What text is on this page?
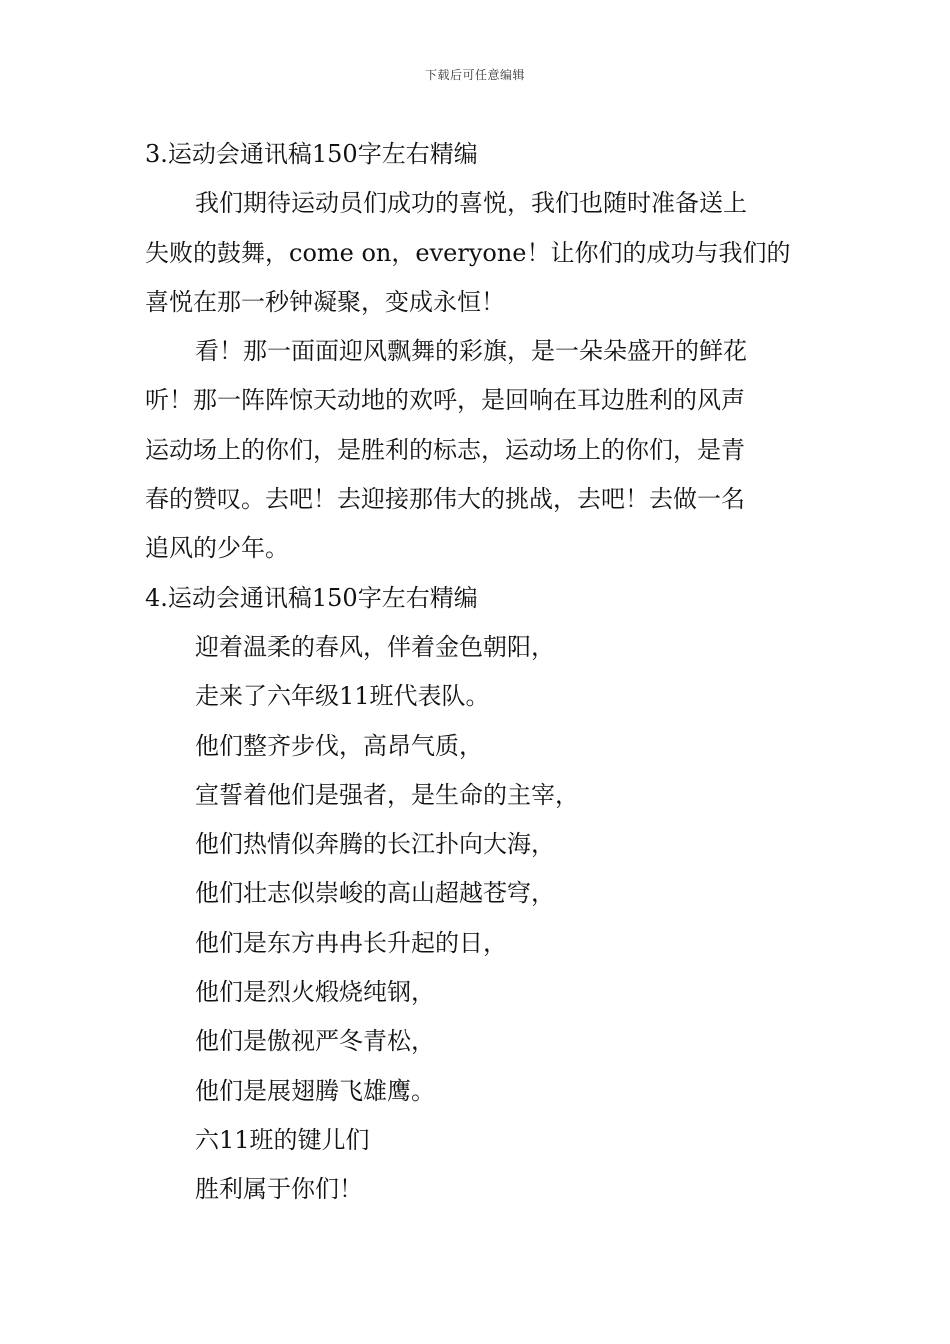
下载后可任意编辑
3.运动会通讯稿150字左右精编
我们期待运动员们成功的喜悦，我们也随时准备送上
失败的鼓舞，come on，everyone！让你们的成功与我们的
喜悦在那一秒钟凝聚，变成永恒！
看！那一面面迎风飘舞的彩旗，是一朵朵盛开的鲜花
听！那一阵阵惊天动地的欢呼，是回响在耳边胜利的风声
运动场上的你们，是胜利的标志，运动场上的你们，是青
春的赞叹。去吧！去迎接那伟大的挑战，去吧！去做一名
追风的少年。
4.运动会通讯稿150字左右精编
迎着温柔的春风，伴着金色朝阳，
走来了六年级11班代表队。
他们整齐步伐，高昂气质，
宣誓着他们是强者，是生命的主宰，
他们热情似奔腾的长江扑向大海，
他们壮志似崇峻的高山超越苍穹，
他们是东方冉冉长升起的日，
他们是烈火煅烧纯钢，
他们是傲视严冬青松，
他们是展翅腾飞雄鹰。
六11班的键儿们
胜利属于你们！
